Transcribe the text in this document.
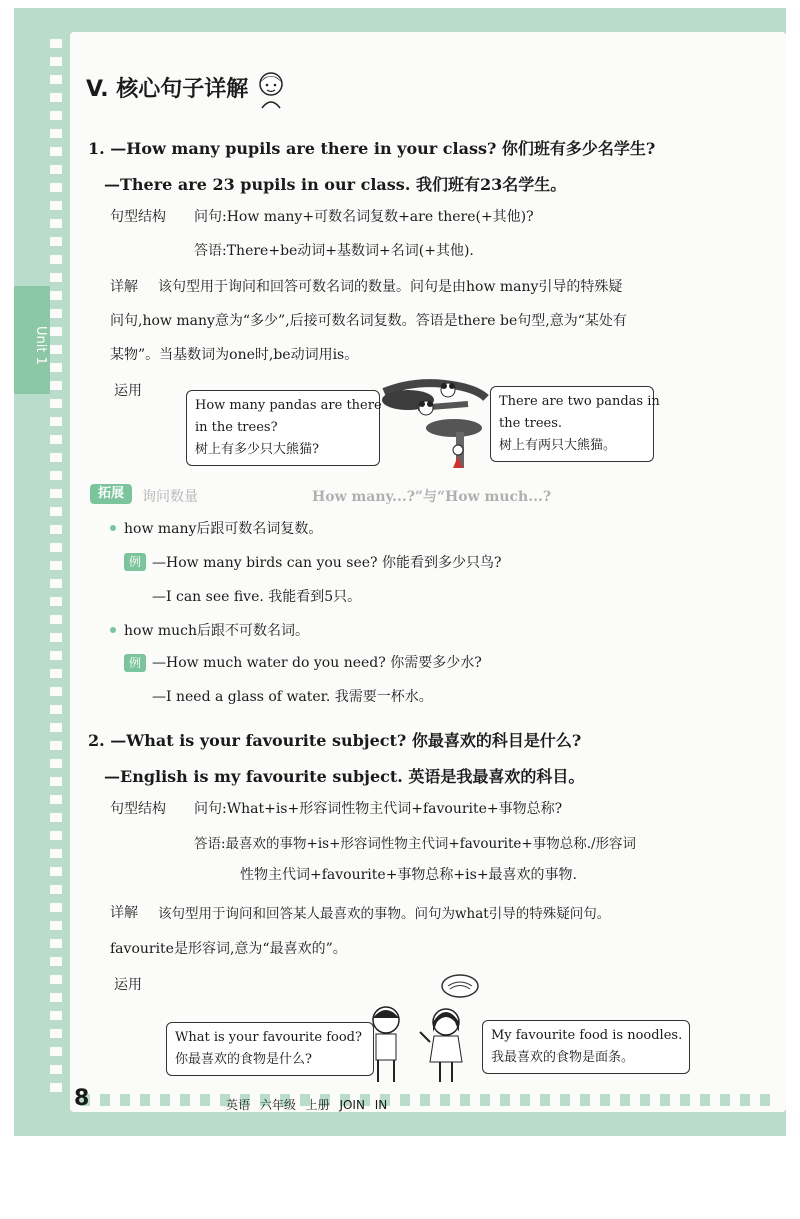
Unit 1
V. 核心句子详解
1. —How many pupils are there in your class? 你们班有多少名学生?
—There are 23 pupils in our class. 我们班有23名学生。
句型结构 问句:How many+可数名词复数+are there(+其他)?
答语:There+be动词+基数词+名词(+其他).
详解 该句型用于询问和回答可数名词的数量。问句是由how many引导的特殊疑
问句,how many意为“多少”,后接可数名词复数。答语是there be句型,意为“某处有
某物”。当基数词为one时,be动词用is。
运用
How many pandas are there
in the trees?
树上有多少只大熊猫?
There are two pandas in
the trees.
树上有两只大熊猫。
拓展	询问数量	How many...?”与“How much...?
how many后跟可数名词复数。
例 —How many birds can you see? 你能看到多少只鸟?
—I can see five. 我能看到5只。
how much后跟不可数名词。
例 —How much water do you need? 你需要多少水?
—I need a glass of water. 我需要一杯水。
2. —What is your favourite subject? 你最喜欢的科目是什么?
—English is my favourite subject. 英语是我最喜欢的科目。
句型结构 问句:What+is+形容词性物主代词+favourite+事物总称?
答语:最喜欢的事物+is+形容词性物主代词+favourite+事物总称./形容词
性物主代词+favourite+事物总称+is+最喜欢的事物.
详解 该句型用于询问和回答某人最喜欢的事物。问句为what引导的特殊疑问句。
favourite是形容词,意为“最喜欢的”。
运用
What is your favourite food?
你最喜欢的食物是什么?
My favourite food is noodles.
我最喜欢的食物是面条。
8	英语 六年级 上册 JOIN IN
